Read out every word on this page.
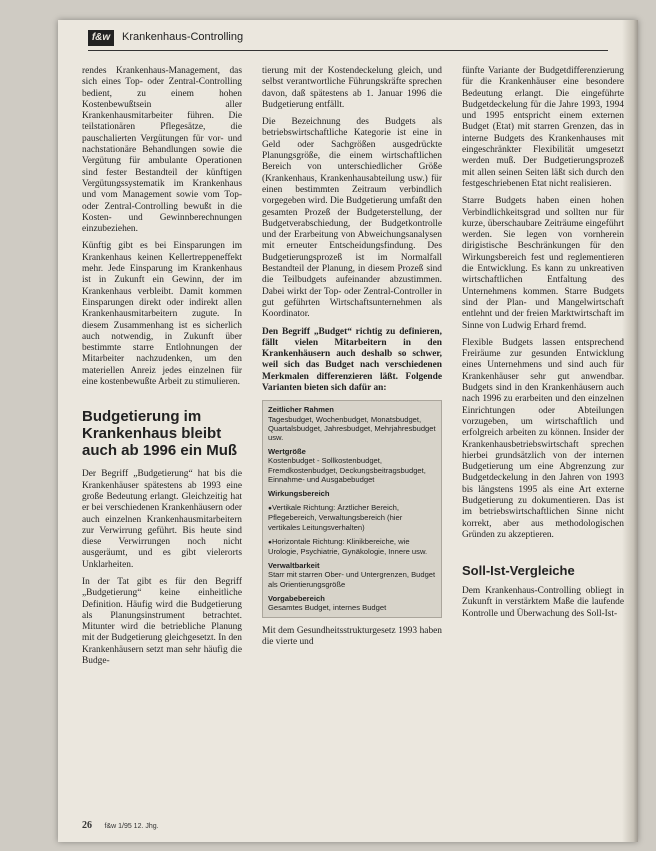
f&w	Krankenhaus-Controlling

rendes Krankenhaus-Management, das sich eines Top- oder Zentral-Controlling bedient, zu einem hohen Kostenbewußtsein aller Krankenhausmitarbeiter führen. Die teilstationären Pflegesätze, die pauschalierten Vergütungen für vor- und nachstationäre Behandlungen sowie die Vergütung für ambulante Operationen sind fester Bestandteil der künftigen Vergütungssystematik im Krankenhaus und vom Management sowie vom Top- oder Zentral-Controlling bewußt in die Kosten- und Gewinnberechnungen einzubeziehen.

Künftig gibt es bei Einsparungen im Krankenhaus keinen Kellertreppeneffekt mehr. Jede Einsparung im Krankenhaus ist in Zukunft ein Gewinn, der im Krankenhaus verbleibt. Damit kommen Einsparungen direkt oder indirekt allen Krankenhausmitarbeitern zugute. In diesem Zusammenhang ist es sicherlich auch notwendig, in Zukunft über bestimmte starre Entlohnungen der Mitarbeiter nachzudenken, um den materiellen Anreiz jedes einzelnen für eine kostenbewußte Arbeit zu stimulieren.

Budgetierung im Krankenhaus bleibt auch ab 1996 ein Muß

Der Begriff „Budgetierung“ hat bis die Krankenhäuser spätestens ab 1993 eine große Bedeutung erlangt. Gleichzeitig hat er bei verschiedenen Krankenhäusern oder auch einzelnen Krankenhausmitarbeitern zur Verwirrung geführt. Bis heute sind diese Verwirrungen noch nicht ausgeräumt, und es gibt vielerorts Unklarheiten.

In der Tat gibt es für den Begriff „Budgetierung“ keine einheitliche Definition. Häufig wird die Budgetierung als Planungsinstrument betrachtet. Mitunter wird die betriebliche Planung mit der Budgetierung gleichgesetzt. In den Krankenhäusern setzt man sehr häufig die Budge-

tierung mit der Kostendeckelung gleich, und selbst verantwortliche Führungskräfte sprechen davon, daß spätestens ab 1. Januar 1996 die Budgetierung entfällt.

Die Bezeichnung des Budgets als betriebswirtschaftliche Kategorie ist eine in Geld oder Sachgrößen ausgedrückte Planungsgröße, die einem wirtschaftlichen Bereich von unterschiedlicher Größe (Krankenhaus, Krankenhausabteilung usw.) für einen bestimmten Zeitraum verbindlich vorgegeben wird. Die Budgetierung umfaßt den gesamten Prozeß der Budgeterstellung, der Budgetverabschiedung, der Budgetkontrolle und der Erarbeitung von Abweichungsanalysen mit erneuter Entscheidungsfindung. Des Budgetierungsprozeß ist im Normalfall Bestandteil der Planung, in diesem Prozeß sind die Teilbudgets aufeinander abzustimmen. Dabei wirkt der Top- oder Zentral-Controller in gut geführten Wirtschaftsunternehmen als Koordinator.

Den Begriff „Budget“ richtig zu definieren, fällt vielen Mitarbeitern in den Krankenhäusern auch deshalb so schwer, weil sich das Budget nach verschiedenen Merkmalen differenzieren läßt. Folgende Varianten bieten sich dafür an:

Zeitlicher Rahmen
Tagesbudget, Wochenbudget, Monatsbudget, Quartalsbudget, Jahresbudget, Mehrjahresbudget usw.
Wertgröße
Kostenbudget - Sollkostenbudget, Fremdkostenbudget, Deckungsbeitragsbudget, Einnahme- und Ausgabebudget
Wirkungsbereich
● Vertikale Richtung: Ärztlicher Bereich, Pflegebereich, Verwaltungsbereich (hier vertikales Leitungsverhalten)
● Horizontale Richtung: Klinikbereiche, wie Urologie, Psychiatrie, Gynäkologie, Innere usw.
Verwaltbarkeit
Starr mit starren Ober- und Untergrenzen, Budget als Orientierungsgröße
Vorgabebereich
Gesamtes Budget, internes Budget

Mit dem Gesundheitsstrukturgesetz 1993 haben die vierte und

fünfte Variante der Budgetdifferenzierung für die Krankenhäuser eine besondere Bedeutung erlangt. Die eingeführte Budgetdeckelung für die Jahre 1993, 1994 und 1995 entspricht einem externen Budget (Etat) mit starren Grenzen, das in interne Budgets des Krankenhauses mit eingeschränkter Flexibilität umgesetzt werden muß. Der Budgetierungsprozeß mit allen seinen Seiten läßt sich durch den festgeschriebenen Etat nicht realisieren.

Starre Budgets haben einen hohen Verbindlichkeitsgrad und sollten nur für kurze, überschaubare Zeiträume eingeführt werden. Sie legen von vornherein dirigistische Beschränkungen für den Wirkungsbereich fest und reglementieren die Entwicklung. Es kann zu unkreativen wirtschaftlichen Entfaltung des Unternehmens kommen. Starre Budgets sind der Plan- und Mangelwirtschaft entlehnt und der freien Marktwirtschaft im Sinne von Ludwig Erhard fremd.

Flexible Budgets lassen entsprechend Freiräume zur gesunden Entwicklung eines Unternehmens und sind auch für Krankenhäuser sehr gut anwendbar. Budgets sind in den Krankenhäusern auch nach 1996 zu erarbeiten und den einzelnen Einrichtungen oder Abteilungen vorzugeben, um wirtschaftlich und erfolgreich arbeiten zu können. Insider der Krankenhausbetriebswirtschaft sprechen hierbei grundsätzlich von der internen Budgetierung um eine Abgrenzung zur Budgetdeckelung in den Jahren von 1993 bis längstens 1995 als eine Art externe Budgetierung zu dokumentieren. Das ist im betriebswirtschaftlichen Sinne nicht korrekt, aber aus methodologischen Gründen zu akzeptieren.

Soll-Ist-Vergleiche

Dem Krankenhaus-Controlling obliegt in Zukunft in verstärktem Maße die laufende Kontrolle und Überwachung des Soll-Ist-

26 f&w 1/95 12. Jhg.
